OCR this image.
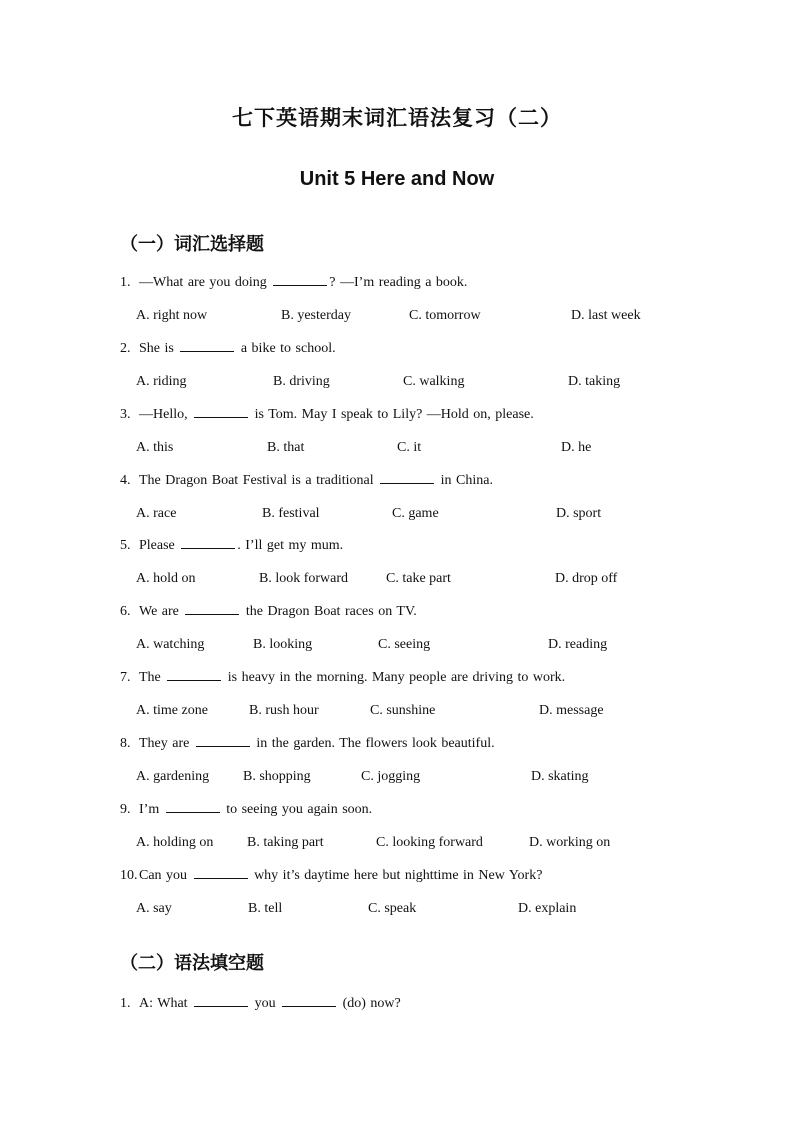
七下英语期末词汇语法复习（二）
Unit 5 Here and Now
（一）词汇选择题
1. —What are you doing	? —I’m reading a book.
A. right now	B. yesterday	C. tomorrow	D. last week
2. She is	a bike to school.
A. riding	B. driving	C. walking	D. taking
3. —Hello,	is Tom. May I speak to Lily? —Hold on, please.
A. this	B. that	C. it	D. he
4. The Dragon Boat Festival is a traditional	in China.
A. race	B. festival	C. game	D. sport
5. Please	. I’ll get my mum.
A. hold on	B. look forward	C. take part	D. drop off
6. We are	the Dragon Boat races on TV.
A. watching	B. looking	C. seeing	D. reading
7. The	is heavy in the morning. Many people are driving to work.
A. time zone	B. rush hour	C. sunshine	D. message
8. They are	in the garden. The flowers look beautiful.
A. gardening B. shopping	C. jogging	D. skating
9. I’m	to seeing you again soon.
A. holding on B. taking part	C. looking forward	D. working on
10. Can you	why it’s daytime here but nighttime in New York?
A. say	B. tell	C. speak	D. explain
（二）语法填空题
1. A: What	you	(do) now?
